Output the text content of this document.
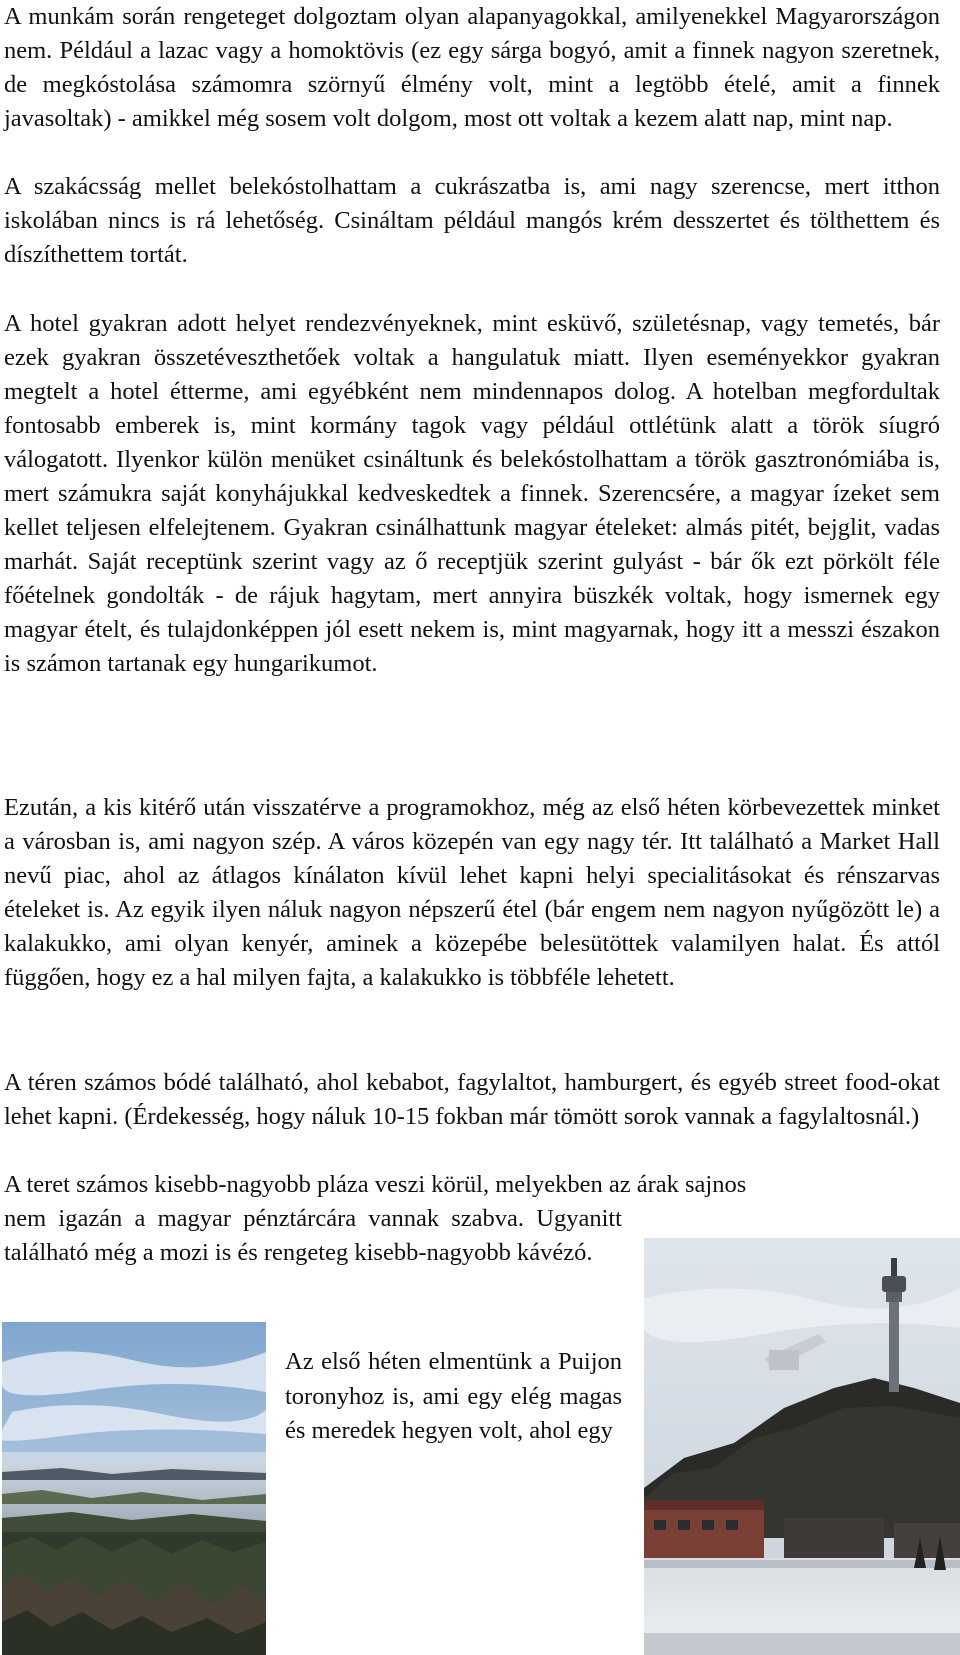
A munkám során rengeteget dolgoztam olyan alapanyagokkal, amilyenekkel Magyarországon nem. Például a lazac vagy a homoktövis (ez egy sárga bogyó, amit a finnek nagyon szeretnek, de megkóstolása számomra szörnyű élmény volt, mint a legtöbb ételé, amit a finnek javasoltak) - amikkel még sosem volt dolgom, most ott voltak a kezem alatt nap, mint nap.

A szakácsság mellet belekóstolhattam a cukrászatba is, ami nagy szerencse, mert itthon iskolában nincs is rá lehetőség. Csináltam például mangós krém desszertet és tölthettem és díszíthettem tortát.

A hotel gyakran adott helyet rendezvényeknek, mint esküvő, születésnap, vagy temetés, bár ezek gyakran összetéveszthetőek voltak a hangulatuk miatt. Ilyen eseményekkor gyakran megtelt a hotel étterme, ami egyébként nem mindennapos dolog. A hotelban megfordultak fontosabb emberek is, mint kormány tagok vagy például ottlétünk alatt a török síugró válogatott. Ilyenkor külön menüket csináltunk és belekóstolhattam a török gasztronómiába is, mert számukra saját konyhájukkal kedveskedtek a finnek. Szerencsére, a magyar ízeket sem kellet teljesen elfelejtenem. Gyakran csinálhattunk magyar ételeket: almás pitét, bejglit, vadas marhát. Saját receptünk szerint vagy az ő receptjük szerint gulyást - bár ők ezt pörkölt féle főételnek gondolták - de rájuk hagytam, mert annyira büszkék voltak, hogy ismernek egy magyar ételt, és tulajdonképpen jól esett nekem is, mint magyarnak, hogy itt a messzi északon is számon tartanak egy hungarikumot.

Ezután, a kis kitérő után visszatérve a programokhoz, még az első héten körbevezettek minket a városban is, ami nagyon szép. A város közepén van egy nagy tér. Itt található a Market Hall nevű piac, ahol az átlagos kínálaton kívül lehet kapni helyi specialitásokat és rénszarvas ételeket is. Az egyik ilyen náluk nagyon népszerű étel (bár engem nem nagyon nyűgözött le) a kalakukko, ami olyan kenyér, aminek a közepébe belesütöttek valamilyen halat. És attól függően, hogy ez a hal milyen fajta, a kalakukko is többféle lehetett.

A téren számos bódé található, ahol kebabot, fagylaltot, hamburgert, és egyéb street food-okat lehet kapni. (Érdekesség, hogy náluk 10-15 fokban már tömött sorok vannak a fagylaltosnál.)

A teret számos kisebb-nagyobb pláza veszi körül, melyekben az árak sajnos

nem igazán a magyar pénztárcára vannak szabva. Ugyanitt található még a mozi is és rengeteg kisebb-nagyobb kávézó.

Az első héten elmentünk a Puijon toronyhoz is, ami egy elég magas és meredek hegyen volt, ahol egy
